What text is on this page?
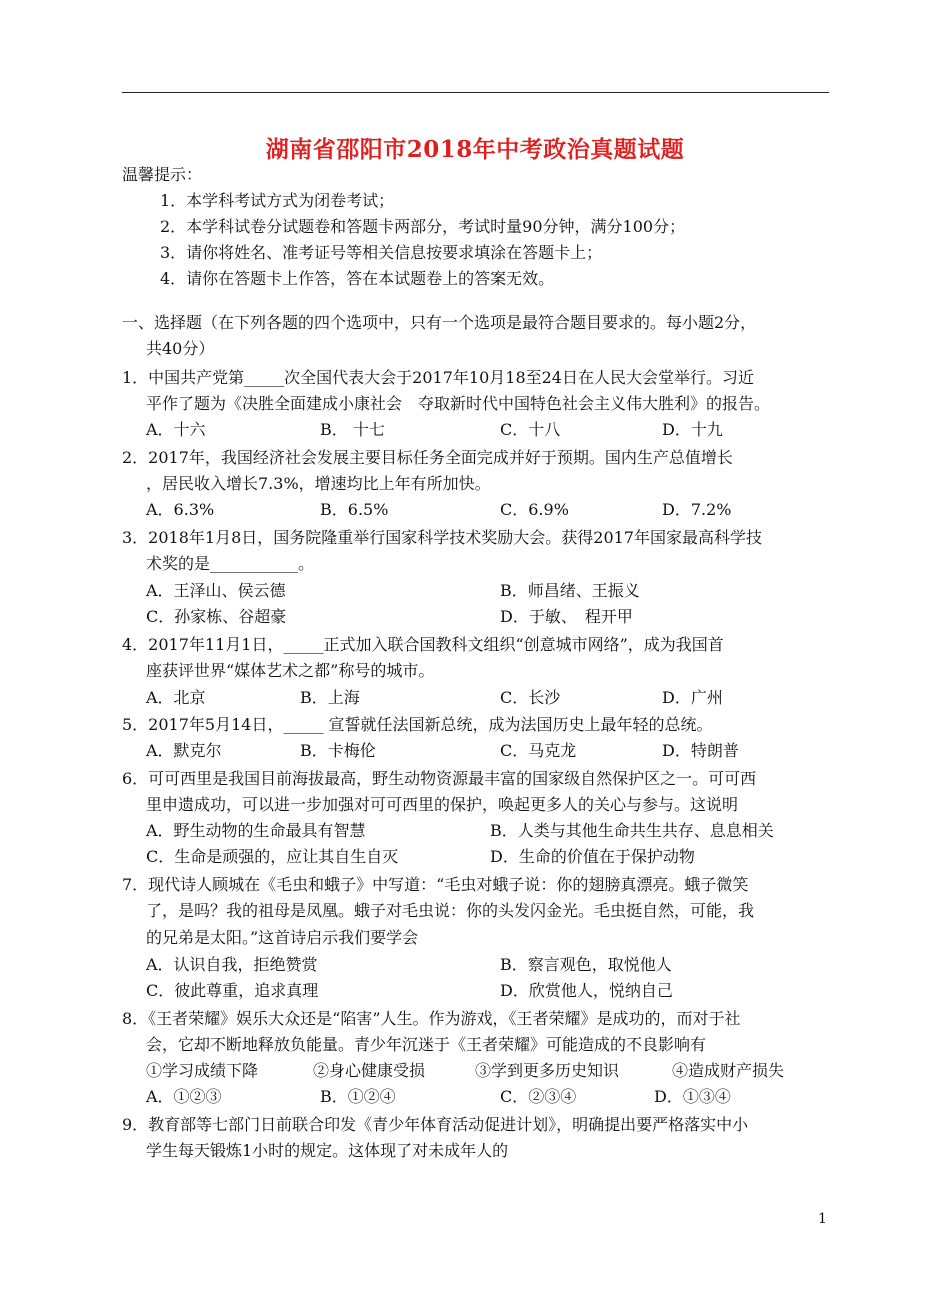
湖南省邵阳市2018年中考政治真题试题
温馨提示：
1．本学科考试方式为闭卷考试；
2．本学科试卷分试题卷和答题卡两部分，考试时量90分钟，满分100分；
3．请你将姓名、准考证号等相关信息按要求填涂在答题卡上；
4．请你在答题卡上作答，答在本试题卷上的答案无效。
一、选择题（在下列各题的四个选项中，只有一个选项是最符合题目要求的。每小题2分，
共40分）
1．中国共产党第_____次全国代表大会于2017年10月18至24日在人民大会堂举行。习近
平作了题为《决胜全面建成小康社会　夺取新时代中国特色社会主义伟大胜利》的报告。
A．十六	B． 十七	C．十八	D．十九
2．2017年，我国经济社会发展主要目标任务全面完成并好于预期。国内生产总值增长
，居民收入增长7.3%，增速均比上年有所加快。
A．6.3%	B．6.5%	C．6.9%	D．7.2%
3．2018年1月8日，国务院隆重举行国家科学技术奖励大会。获得2017年国家最高科学技
术奖的是___________。
A．王泽山、侯云德	B．师昌绪、王振义
C．孙家栋、谷超豪	D．于敏、　程开甲
4．2017年11月1日，_____正式加入联合国教科文组织“创意城市网络”，成为我国首
座获评世界“媒体艺术之都”称号的城市。
A．北京	B．上海	C．长沙	D．广州
5．2017年5月14日，_____ 宣誓就任法国新总统，成为法国历史上最年轻的总统。
A．默克尔	B．卡梅伦	C．马克龙	D．特朗普
6．可可西里是我国目前海拔最高，野生动物资源最丰富的国家级自然保护区之一。可可西
里申遗成功，可以进一步加强对可可西里的保护，唤起更多人的关心与参与。这说明
A．野生动物的生命最具有智慧	B．人类与其他生命共生共存、息息相关
C．生命是顽强的，应让其自生自灭	D．生命的价值在于保护动物
7．现代诗人顾城在《毛虫和蛾子》中写道：“毛虫对蛾子说：你的翅膀真漂亮。蛾子微笑
了，是吗？我的祖母是凤凰。蛾子对毛虫说：你的头发闪金光。毛虫挺自然，可能，我
的兄弟是太阳。”这首诗启示我们要学会
A．认识自我，拒绝赞赏	B．察言观色，取悦他人
C．彼此尊重，追求真理	D．欣赏他人，悦纳自己
8．《王者荣耀》娱乐大众还是“陷害”人生。作为游戏，《王者荣耀》是成功的，而对于社
会，它却不断地释放负能量。青少年沉迷于《王者荣耀》可能造成的不良影响有
①学习成绩下降	②身心健康受损	③学到更多历史知识	④造成财产损失
A．①②③	B．①②④	C．②③④	D．①③④
9．教育部等七部门日前联合印发《青少年体育活动促进计划》，明确提出要严格落实中小
学生每天锻炼1小时的规定。这体现了对未成年人的
1
